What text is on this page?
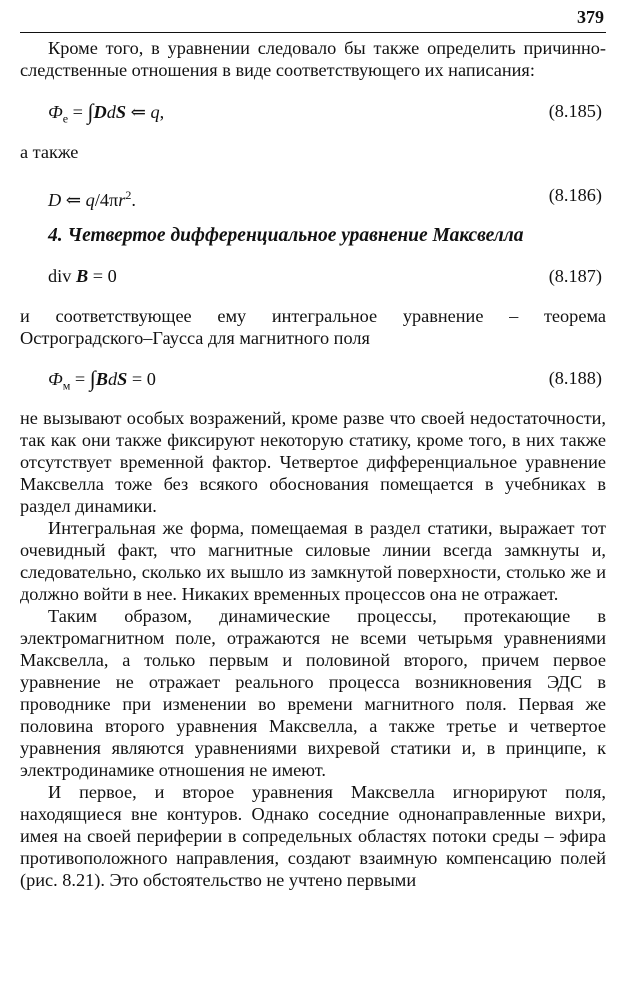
379

Кроме того, в уравнении следовало бы также определить причинно-следственные отношения в виде соответствующего их написания:

$Ф_е = \int DdS$ ⇐ q,	(8.185)

а также

D ⇐ $q/4\pi r^2$.	(8.186)
4. Четвертое дифференциальное уравнение Максвелла
div B = 0	(8.187)

и соответствующее ему интегральное уравнение – теорема

Остроградского–Гаусса для магнитного поля

$Ф_м = \int BdS = 0$	(8.188)

не вызывают особых возражений, кроме разве что своей недостаточности, так как они также фиксируют некоторую статику, кроме того, в них также отсутствует временной фактор. Четвертое дифференциальное уравнение Максвелла тоже без всякого обоснования помещается в учебниках в раздел динамики.

Интегральная же форма, помещаемая в раздел статики, выражает тот очевидный факт, что магнитные силовые линии всегда замкнуты и, следовательно, сколько их вышло из замкнутой поверхности, столько же и должно войти в нее. Никаких временных процессов она не отражает.

Таким образом, динамические процессы, протекающие в электромагнитном поле, отражаются не всеми четырьмя уравнениями Максвелла, а только первым и половиной второго, причем первое уравнение не отражает реального процесса возникновения ЭДС в проводнике при изменении во времени магнитного поля. Первая же половина второго уравнения Максвелла, а также третье и четвертое уравнения являются уравнениями вихревой статики и, в принципе, к электродинамике отношения не имеют.

И первое, и второе уравнения Максвелла игнорируют поля, находящиеся вне контуров. Однако соседние однонаправленные вихри, имея на своей периферии в сопредельных областях потоки среды – эфира противоположного направления, создают взаимную компенсацию полей (рис. 8.21). Это обстоятельство не учтено первыми
